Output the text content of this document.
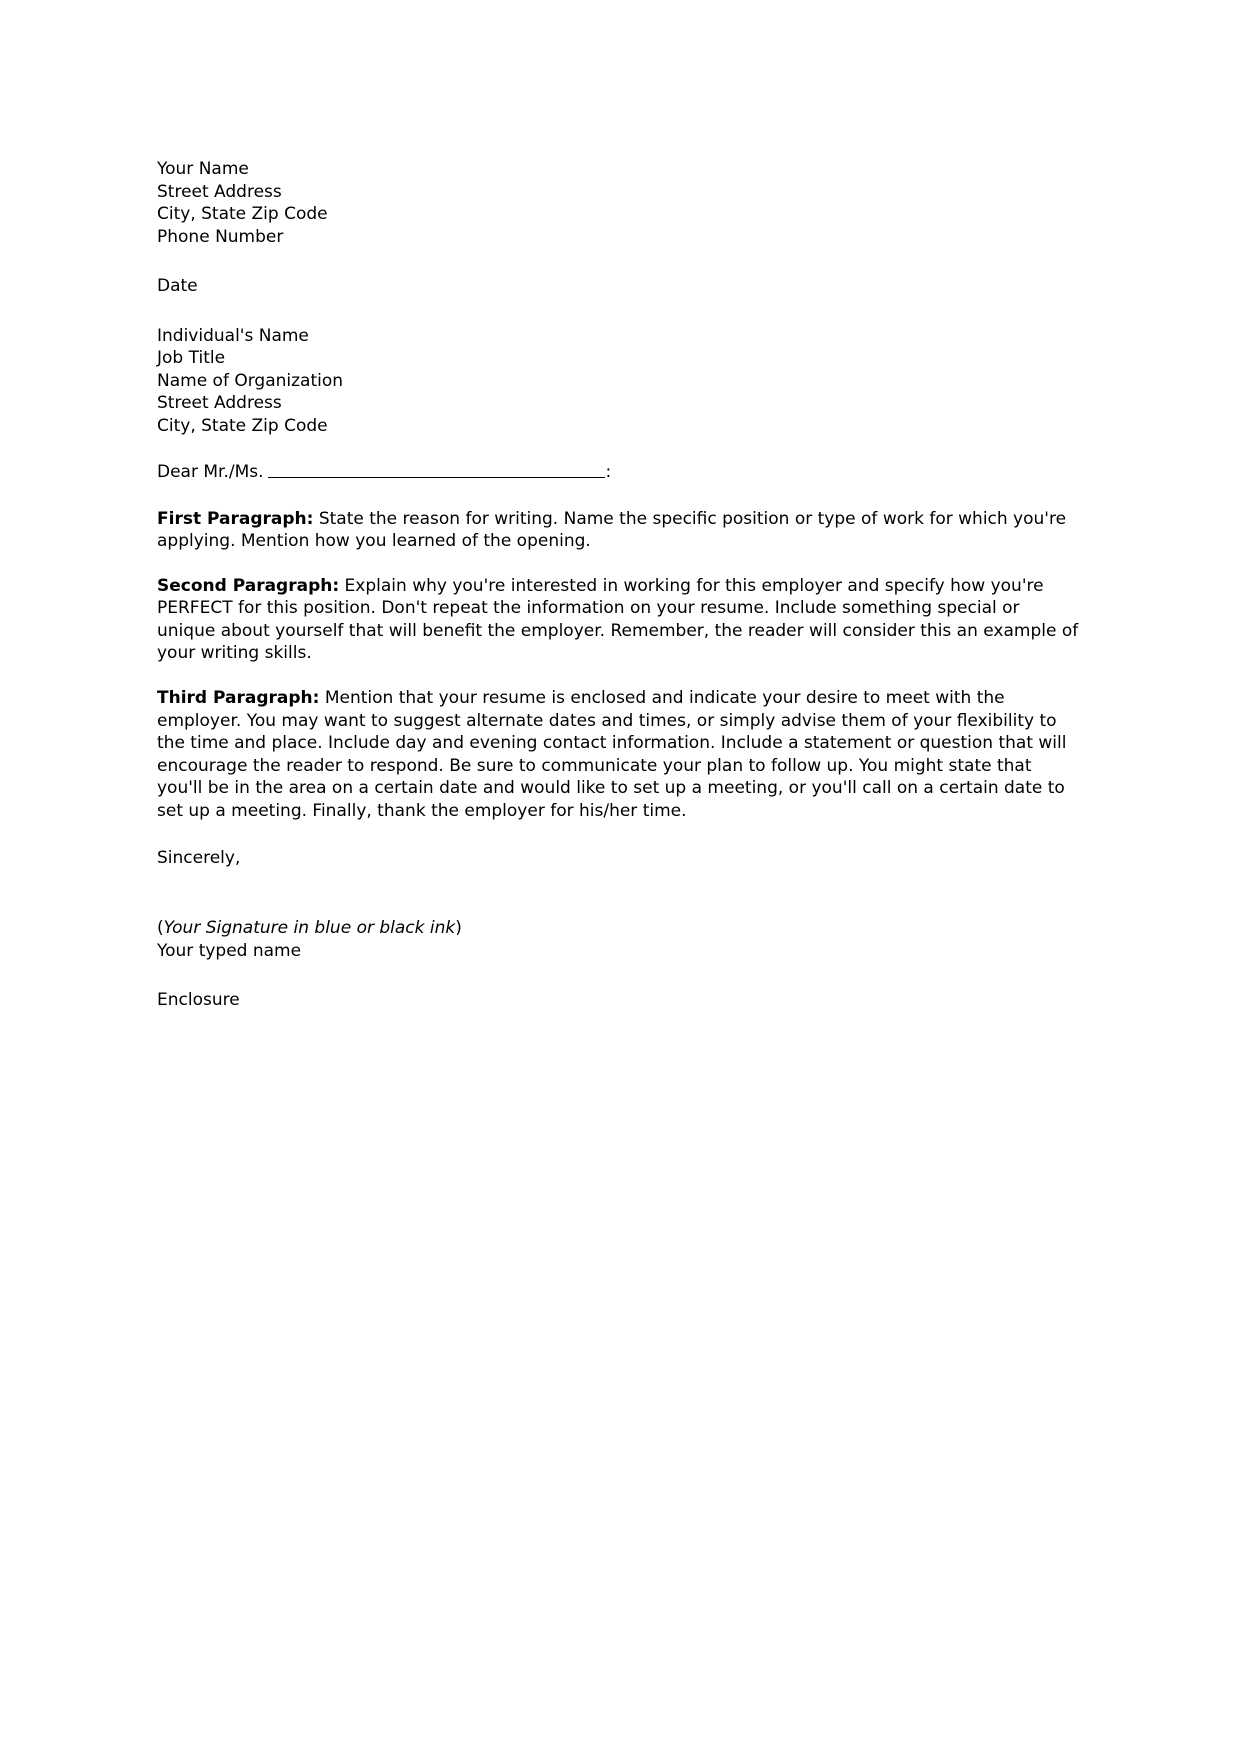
Your Name
Street Address
City, State Zip Code
Phone Number
Date
Individual's Name
Job Title
Name of Organization
Street Address
City, State Zip Code
Dear Mr./Ms.	:

First Paragraph: State the reason for writing. Name the specific position or type of work for which you're applying. Mention how you learned of the opening.

Second Paragraph: Explain why you're interested in working for this employer and specify how you're PERFECT for this position. Don't repeat the information on your resume. Include something special or unique about yourself that will benefit the employer. Remember, the reader will consider this an example of your writing skills.

Third Paragraph: Mention that your resume is enclosed and indicate your desire to meet with the employer. You may want to suggest alternate dates and times, or simply advise them of your flexibility to the time and place. Include day and evening contact information. Include a statement or question that will encourage the reader to respond. Be sure to communicate your plan to follow up. You might state that you'll be in the area on a certain date and would like to set up a meeting, or you'll call on a certain date to set up a meeting. Finally, thank the employer for his/her time.

Sincerely,
(Your Signature in blue or black ink)
Your typed name
Enclosure
